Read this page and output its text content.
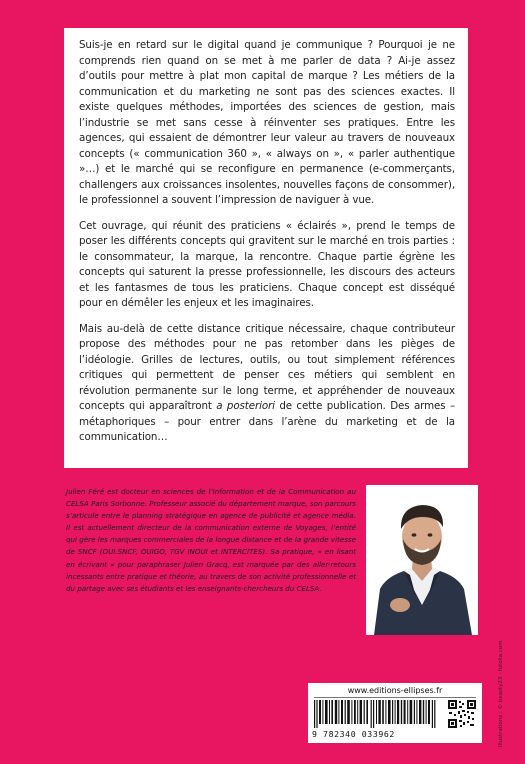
Suis-je en retard sur le digital quand je communique ? Pourquoi je ne comprends rien quand on se met à me parler de data ? Ai-je assez d’outils pour mettre à plat mon capital de marque ? Les métiers de la communication et du marketing ne sont pas des sciences exactes. Il existe quelques méthodes, importées des sciences de gestion, mais l’industrie se met sans cesse à réinventer ses pratiques. Entre les agences, qui essaient de démontrer leur valeur au travers de nouveaux concepts (« communication 360 », « always on », « parler authentique »…) et le marché qui se reconfigure en permanence (e-commerçants, challengers aux croissances insolentes, nouvelles façons de consommer), le professionnel a souvent l’impression de naviguer à vue.

Cet ouvrage, qui réunit des praticiens « éclairés », prend le temps de poser les différents concepts qui gravitent sur le marché en trois parties : le consommateur, la marque, la rencontre. Chaque partie égrène les concepts qui saturent la presse professionnelle, les discours des acteurs et les fantasmes de tous les praticiens. Chaque concept est disséqué pour en démêler les enjeux et les imaginaires.

Mais au-delà de cette distance critique nécessaire, chaque contributeur propose des méthodes pour ne pas retomber dans les pièges de l’idéologie. Grilles de lectures, outils, ou tout simplement références critiques qui permettent de penser ces métiers qui semblent en révolution permanente sur le long terme, et appréhender de nouveaux concepts qui apparaîtront a posteriori de cette publication. Des armes – métaphoriques – pour entrer dans l’arène du marketing et de la communication…

Julien Féré est docteur en sciences de l’Information et de la Communication au CELSA Paris Sorbonne. Professeur associé du département marque, son parcours s’articule entre le planning stratégique en agence de publicité et agence média. Il est actuellement directeur de la communication externe de Voyages, l’entité qui gère les marques commerciales de la longue distance et de la grande vitesse de SNCF (OUI.SNCF, OUIGO, TGV INOUI et INTERCITES). Sa pratique, « en lisant en écrivant » pour paraphraser Julien Gracq, est marquée par des aller-retours incessants entre pratique et théorie, au travers de son activité professionnelle et du partage avec ses étudiants et les enseignants-chercheurs du CELSA.
Illustrations : © beasty23 - fotolia.com
www.editions-ellipses.fr
9 782340 033962
